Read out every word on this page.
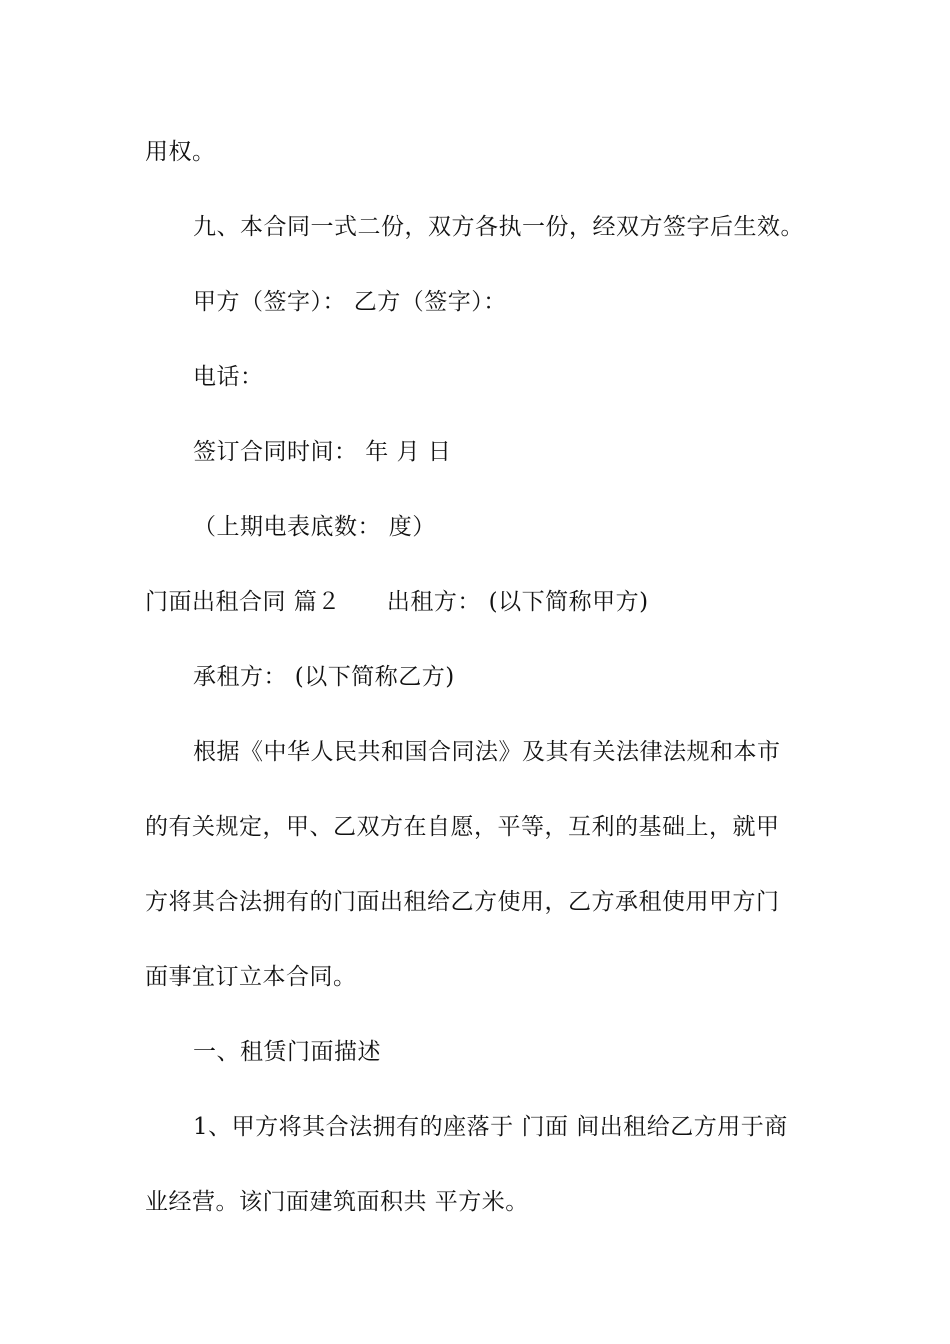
用权。
九、本合同一式二份，双方各执一份，经双方签字后生效。
甲方（签字）： 乙方（签字）：
电话：
签订合同时间： 年 月 日
（上期电表底数： 度）
门面出租合同 篇２ 出租方： (以下简称甲方)
承租方： (以下简称乙方)
根据《中华人民共和国合同法》及其有关法律法规和本市
的有关规定，甲、乙双方在自愿，平等，互利的基础上，就甲
方将其合法拥有的门面出租给乙方使用，乙方承租使用甲方门
面事宜订立本合同。
一、租赁门面描述
1、甲方将其合法拥有的座落于 门面 间出租给乙方用于商
业经营。该门面建筑面积共 平方米。
